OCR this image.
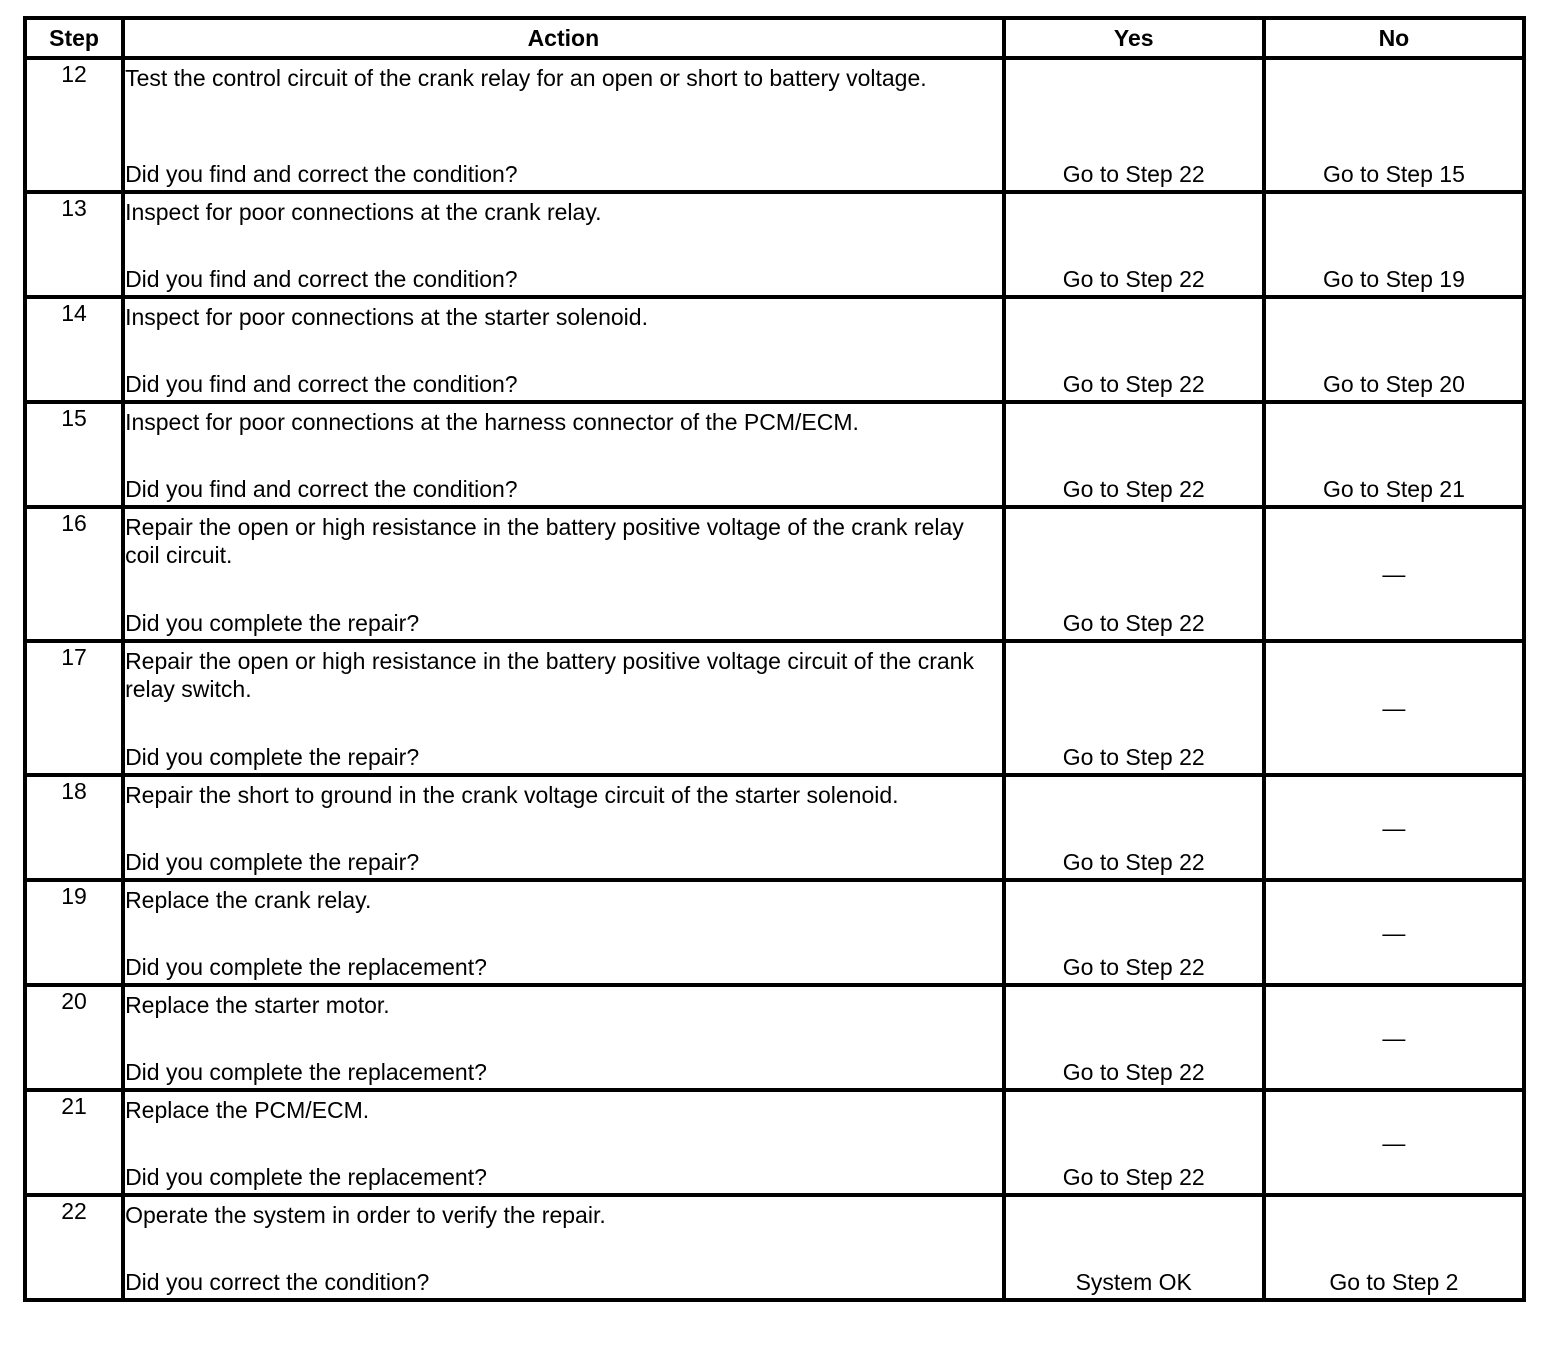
Step	Action	Yes	No
12	Test the control circuit of the crank relay for an open or short to battery voltage.
Did you find and correct the condition?	Go to Step 22	Go to Step 15

13	Inspect for poor connections at the crank relay.
Did you find and correct the condition?	Go to Step 22	Go to Step 19

14	Inspect for poor connections at the starter solenoid.
Did you find and correct the condition?	Go to Step 22	Go to Step 20

15	Inspect for poor connections at the harness connector of the PCM/ECM.
Did you find and correct the condition?	Go to Step 22	Go to Step 21

16	Repair the open or high resistance in the battery positive voltage of the crank relay coil circuit.
Did you complete the repair?	Go to Step 22	—

17	Repair the open or high resistance in the battery positive voltage circuit of the crank relay switch.
Did you complete the repair?	Go to Step 22	—

18	Repair the short to ground in the crank voltage circuit of the starter solenoid.
Did you complete the repair?	Go to Step 22	—

19	Replace the crank relay.
Did you complete the replacement?	Go to Step 22	—

20	Replace the starter motor.
Did you complete the replacement?	Go to Step 22	—

21	Replace the PCM/ECM.
Did you complete the replacement?	Go to Step 22	—

22	Operate the system in order to verify the repair.
Did you correct the condition?	System OK	Go to Step 2
